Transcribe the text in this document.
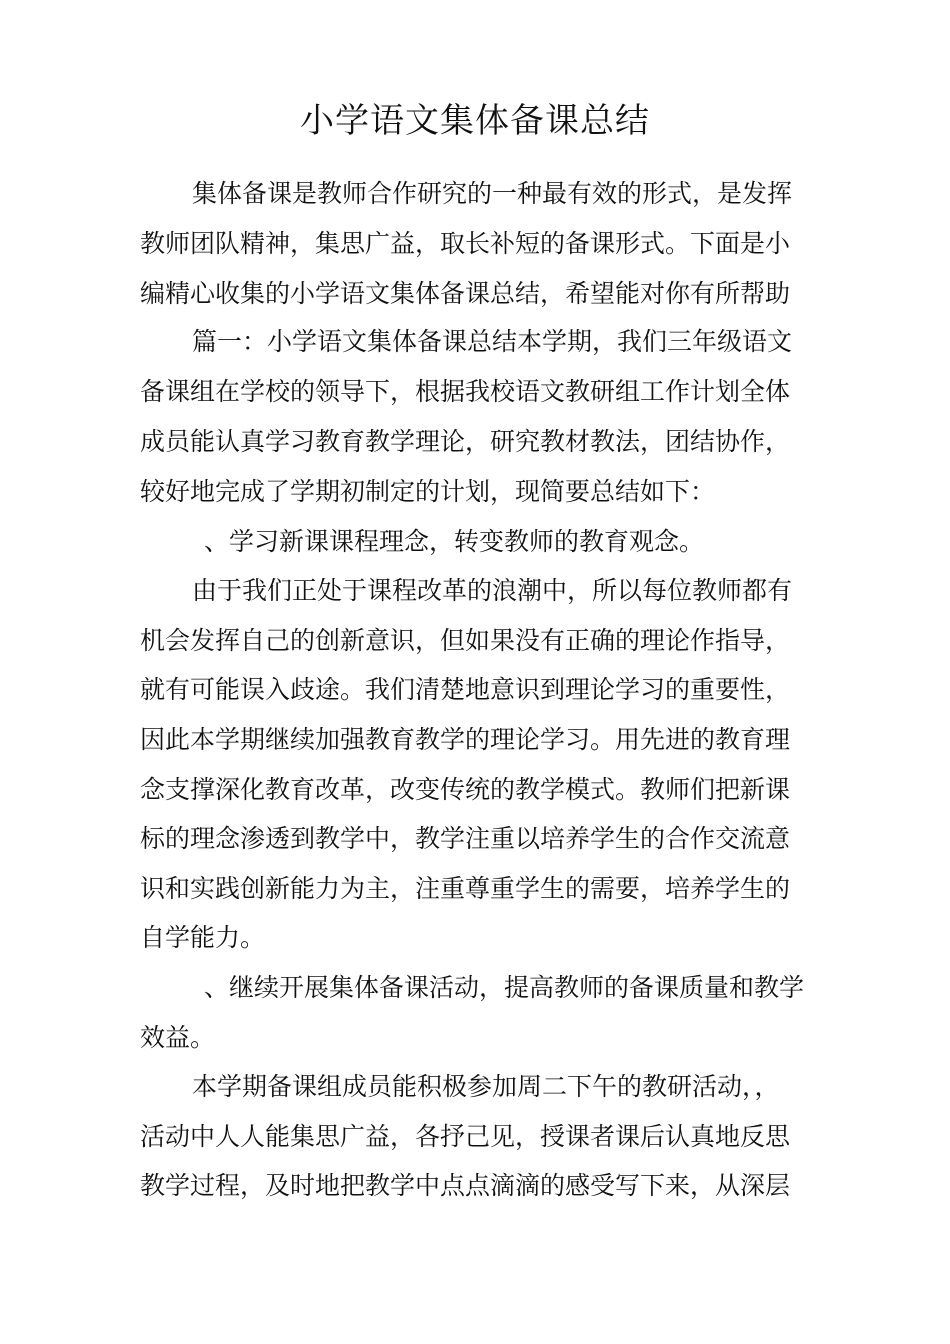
小学语文集体备课总结

集体备课是教师合作研究的一种最有效的形式，是发挥

教师团队精神，集思广益，取长补短的备课形式。下面是小

编精心收集的小学语文集体备课总结，希望能对你有所帮助

篇一：小学语文集体备课总结本学期，我们三年级语文

备课组在学校的领导下，根据我校语文教研组工作计划全体

成员能认真学习教育教学理论，研究教材教法，团结协作，

较好地完成了学期初制定的计划，现简要总结如下：

、学习新课课程理念，转变教师的教育观念。

由于我们正处于课程改革的浪潮中，所以每位教师都有

机会发挥自己的创新意识，但如果没有正确的理论作指导，

就有可能误入歧途。我们清楚地意识到理论学习的重要性，

因此本学期继续加强教育教学的理论学习。用先进的教育理

念支撑深化教育改革，改变传统的教学模式。教师们把新课

标的理念渗透到教学中，教学注重以培养学生的合作交流意

识和实践创新能力为主，注重尊重学生的需要，培养学生的

自学能力。

、继续开展集体备课活动，提高教师的备课质量和教学

效益。

本学期备课组成员能积极参加周二下午的教研活动，，

活动中人人能集思广益，各抒己见，授课者课后认真地反思

教学过程，及时地把教学中点点滴滴的感受写下来，从深层
